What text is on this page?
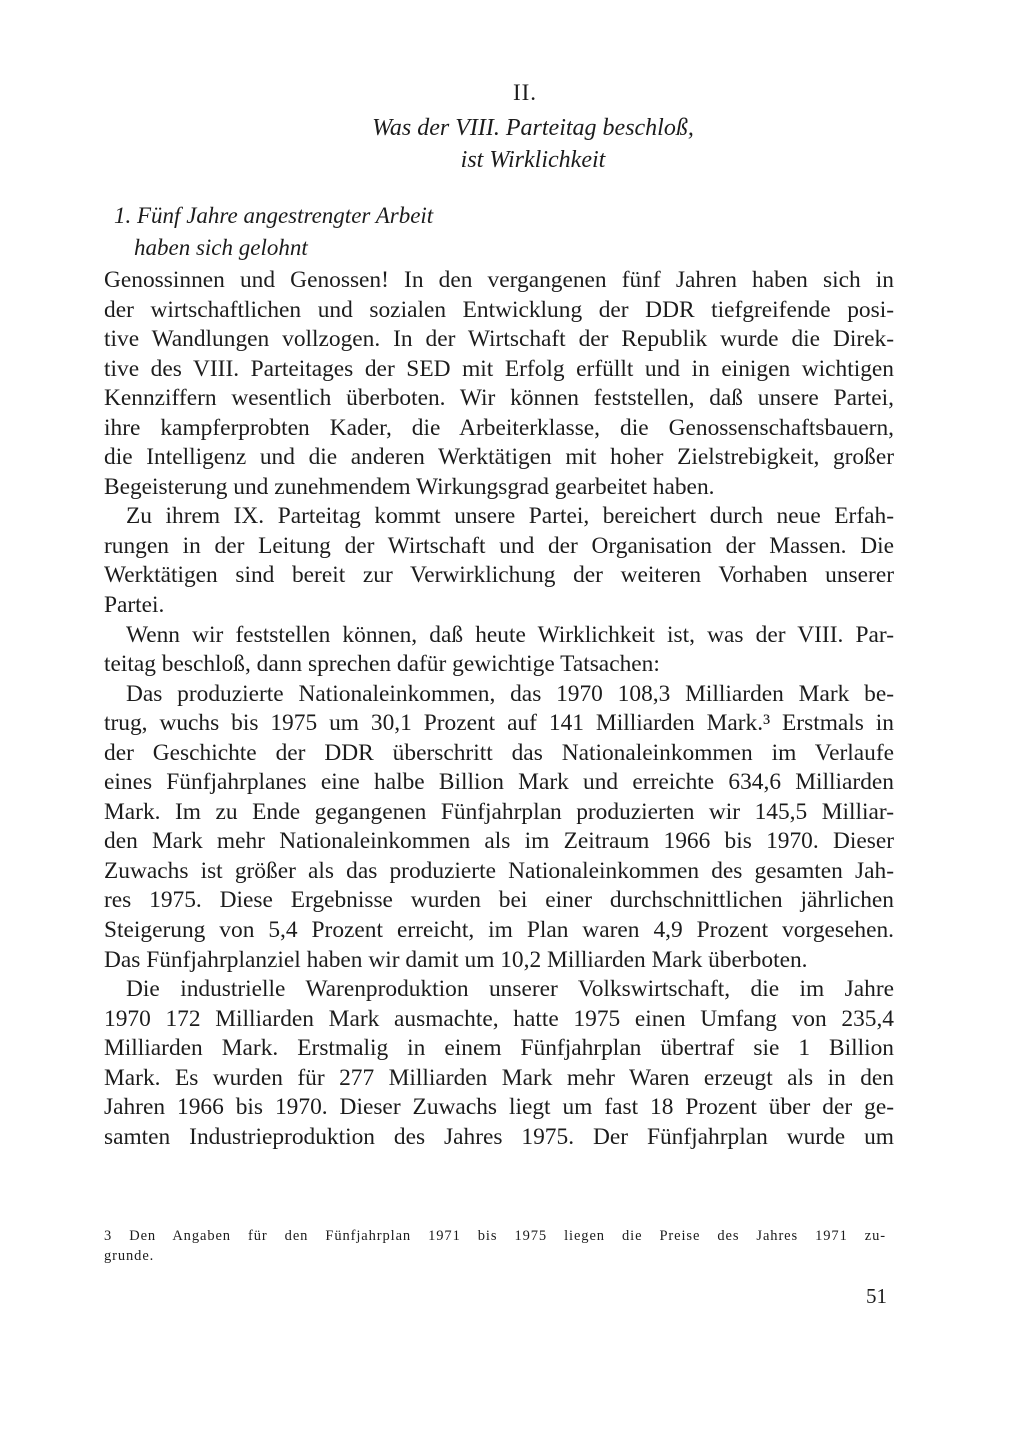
II.
Was der VIII. Parteitag beschloß,
ist Wirklichkeit
1. Fünf Jahre angestrengter Arbeit
haben sich gelohnt
Genossinnen und Genossen! In den vergangenen fünf Jahren haben sich in
der wirtschaftlichen und sozialen Entwicklung der DDR tiefgreifende posi-
tive Wandlungen vollzogen. In der Wirtschaft der Republik wurde die Direk-
tive des VIII. Parteitages der SED mit Erfolg erfüllt und in einigen wichtigen
Kennziffern wesentlich überboten. Wir können feststellen, daß unsere Partei,
ihre kampferprobten Kader, die Arbeiterklasse, die Genossenschaftsbauern,
die Intelligenz und die anderen Werktätigen mit hoher Zielstrebigkeit, großer
Begeisterung und zunehmendem Wirkungsgrad gearbeitet haben.
Zu ihrem IX. Parteitag kommt unsere Partei, bereichert durch neue Erfah-
rungen in der Leitung der Wirtschaft und der Organisation der Massen. Die
Werktätigen sind bereit zur Verwirklichung der weiteren Vorhaben unserer
Partei.
Wenn wir feststellen können, daß heute Wirklichkeit ist, was der VIII. Par-
teitag beschloß, dann sprechen dafür gewichtige Tatsachen:
Das produzierte Nationaleinkommen, das 1970 108,3 Milliarden Mark be-
trug, wuchs bis 1975 um 30,1 Prozent auf 141 Milliarden Mark.³ Erstmals in
der Geschichte der DDR überschritt das Nationaleinkommen im Verlaufe
eines Fünfjahrplanes eine halbe Billion Mark und erreichte 634,6 Milliarden
Mark. Im zu Ende gegangenen Fünfjahrplan produzierten wir 145,5 Milliar-
den Mark mehr Nationaleinkommen als im Zeitraum 1966 bis 1970. Dieser
Zuwachs ist größer als das produzierte Nationaleinkommen des gesamten Jah-
res 1975. Diese Ergebnisse wurden bei einer durchschnittlichen jährlichen
Steigerung von 5,4 Prozent erreicht, im Plan waren 4,9 Prozent vorgesehen.
Das Fünfjahrplanziel haben wir damit um 10,2 Milliarden Mark überboten.
Die industrielle Warenproduktion unserer Volkswirtschaft, die im Jahre
1970 172 Milliarden Mark ausmachte, hatte 1975 einen Umfang von 235,4
Milliarden Mark. Erstmalig in einem Fünfjahrplan übertraf sie 1 Billion
Mark. Es wurden für 277 Milliarden Mark mehr Waren erzeugt als in den
Jahren 1966 bis 1970. Dieser Zuwachs liegt um fast 18 Prozent über der ge-
samten Industrieproduktion des Jahres 1975. Der Fünfjahrplan wurde um
3 Den Angaben für den Fünfjahrplan 1971 bis 1975 liegen die Preise des Jahres 1971 zu-
grunde.
51
